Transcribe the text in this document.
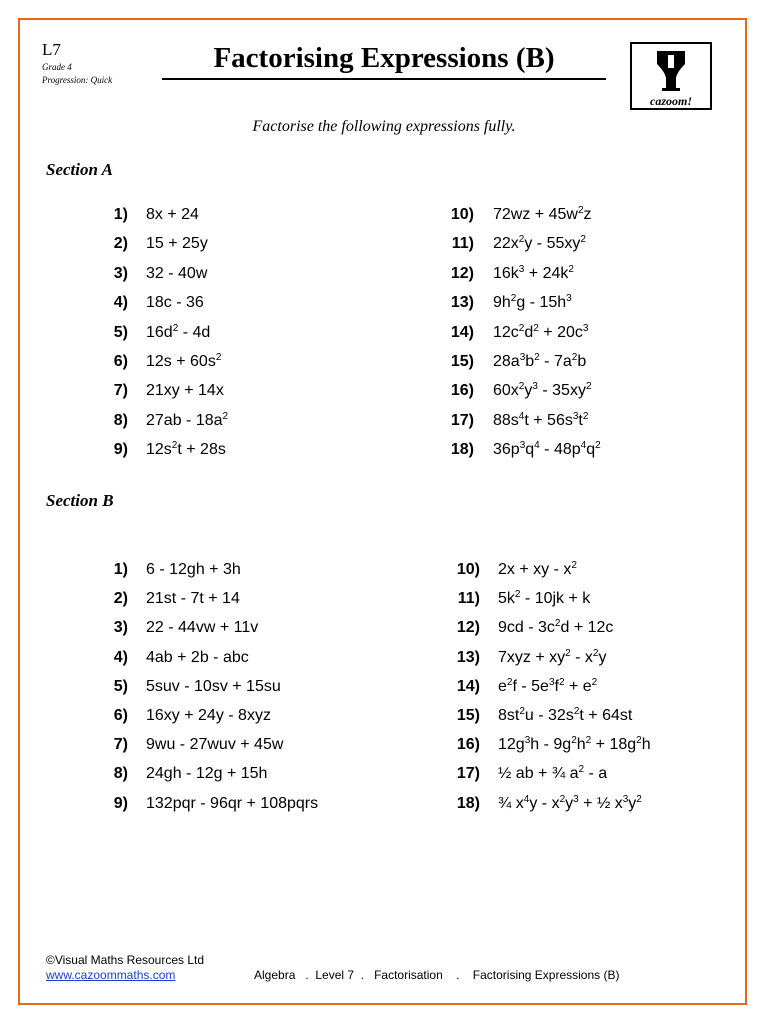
L7
Grade 4
Progression: Quick
Factorising Expressions (B)
cazoom!
Factorise the following expressions fully.
Section A
1) 8x + 24
2) 15 + 25y
3) 32 - 40w
4) 18c - 36
5) $16d^2 - 4d$
6) $12s + 60s^2$
7) 21xy + 14x
8) $27ab - 18a^2$
9) $12s^2t + 28s$
10) $72wz + 45w^2z$
11) $22x^2y - 55xy^2$
12) $16k^3 + 24k^2$
13) $9h^2g - 15h^3$
14) $12c^2d^2 + 20c^3$
15) $28a^3b^2 - 7a^2b$
16) $60x^2y^3 - 35xy^2$
17) $88s^4t + 56s^3t^2$
18) $36p^3q^4 - 48p^4q^2$
Section B
1) 6 - 12gh + 3h
2) 21st - 7t + 14
3) 22 - 44vw + 11v
4) 4ab + 2b - abc
5) 5suv - 10sv + 15su
6) 16xy + 24y - 8xyz
7) 9wu - 27wuv + 45w
8) 24gh - 12g + 15h
9) 132pqr - 96qr + 108pqrs
10) 2x + xy - $x^2$
11) $5k^2 - 10jk + k$
12) $9cd - 3c^2d + 12c$
13) $7xyz + xy^2 - x^2y$
14) $e^2f - 5e^3f^2 + e^2$
15) $8st^2u - 32s^2t + 64st$
16) $12g^3h - 9g^2h^2 + 18g^2h$
17) ½ ab + ¾ $a^2$ - a
18) ¾ $x^4y - x^2y^3$ + ½ $x^3y^2$
©Visual Maths Resources Ltd
www.cazoommaths.com	Algebra   .  Level 7  .   Factorisation    .    Factorising Expressions (B)
